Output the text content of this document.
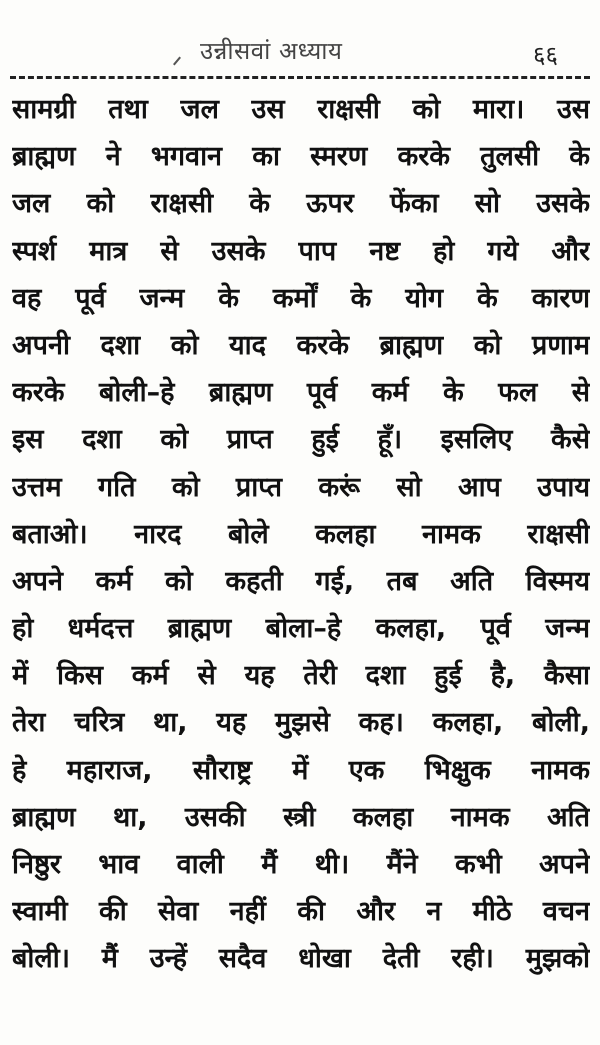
उन्नीसवां अध्याय	६६
सामग्री तथा जल उस राक्षसी को मारा। उस
ब्राह्मण ने भगवान का स्मरण करके तुलसी के
जल को राक्षसी के ऊपर फेंका सो उसके
स्पर्श मात्र से उसके पाप नष्ट हो गये और
वह पूर्व जन्म के कर्मों के योग के कारण
अपनी दशा को याद करके ब्राह्मण को प्रणाम
करके बोली–हे ब्राह्मण पूर्व कर्म के फल से
इस दशा को प्राप्त हुई हूँ। इसलिए कैसे
उत्तम गति को प्राप्त करूं सो आप उपाय
बताओ। नारद बोले कलहा नामक राक्षसी
अपने कर्म को कहती गई, तब अति विस्मय
हो धर्मदत्त ब्राह्मण बोला–हे कलहा, पूर्व जन्म
में किस कर्म से यह तेरी दशा हुई है, कैसा
तेरा चरित्र था, यह मुझसे कह। कलहा, बोली,
हे महाराज, सौराष्ट्र में एक भिक्षुक नामक
ब्राह्मण था, उसकी स्त्री कलहा नामक अति
निष्ठुर भाव वाली मैं थी। मैंने कभी अपने
स्वामी की सेवा नहीं की और न मीठे वचन
बोली। मैं उन्हें सदैव धोखा देती रही। मुझको
